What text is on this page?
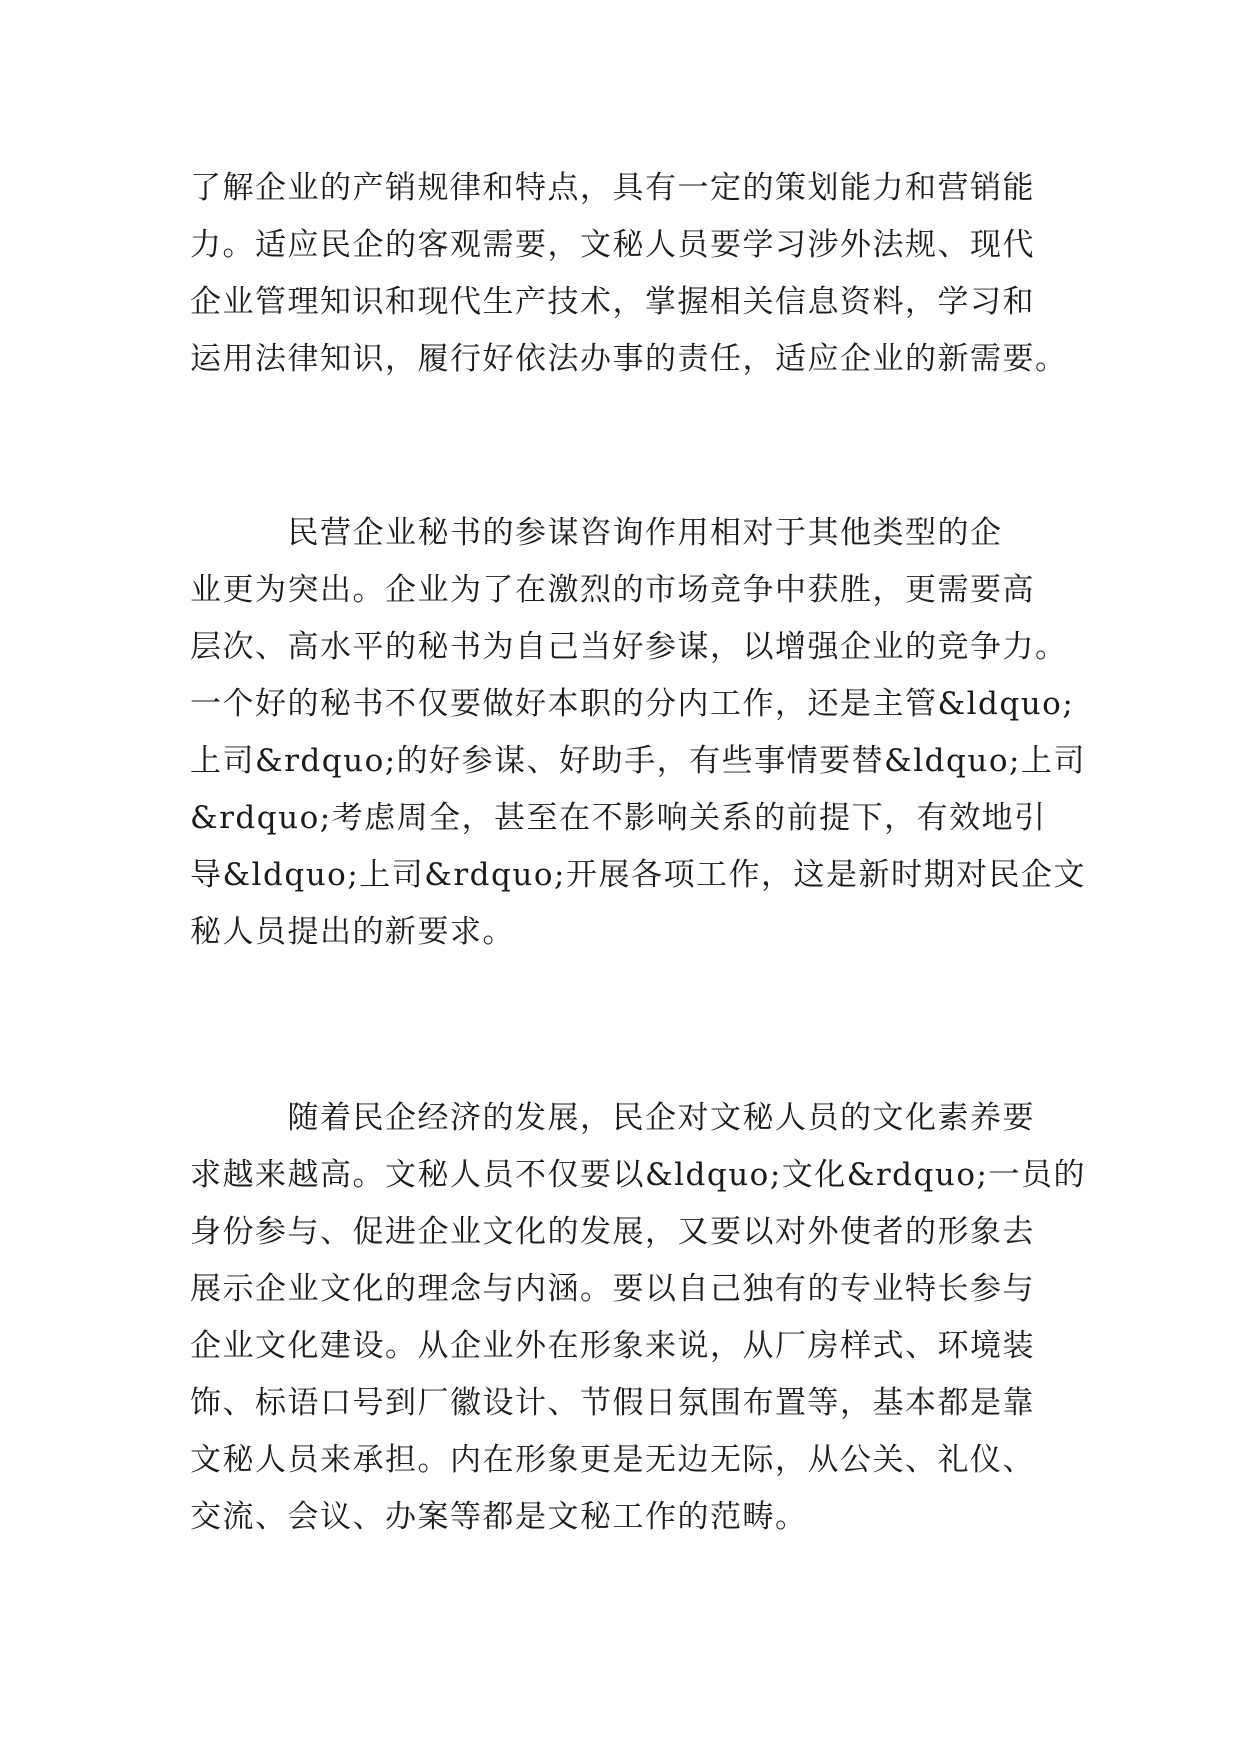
了解企业的产销规律和特点，具有一定的策划能力和营销能
力。适应民企的客观需要，文秘人员要学习涉外法规、现代
企业管理知识和现代生产技术，掌握相关信息资料，学习和
运用法律知识，履行好依法办事的责任，适应企业的新需要。
　　　民营企业秘书的参谋咨询作用相对于其他类型的企
业更为突出。企业为了在激烈的市场竞争中获胜，更需要高
层次、高水平的秘书为自己当好参谋，以增强企业的竞争力。
一个好的秘书不仅要做好本职的分内工作，还是主管&ldquo;
上司&rdquo;的好参谋、好助手，有些事情要替&ldquo;上司
&rdquo;考虑周全，甚至在不影响关系的前提下，有效地引
导&ldquo;上司&rdquo;开展各项工作，这是新时期对民企文
秘人员提出的新要求。
　　　随着民企经济的发展，民企对文秘人员的文化素养要
求越来越高。文秘人员不仅要以&ldquo;文化&rdquo;一员的
身份参与、促进企业文化的发展，又要以对外使者的形象去
展示企业文化的理念与内涵。要以自己独有的专业特长参与
企业文化建设。从企业外在形象来说，从厂房样式、环境装
饰、标语口号到厂徽设计、节假日氛围布置等，基本都是靠
文秘人员来承担。内在形象更是无边无际，从公关、礼仪、
交流、会议、办案等都是文秘工作的范畴。
